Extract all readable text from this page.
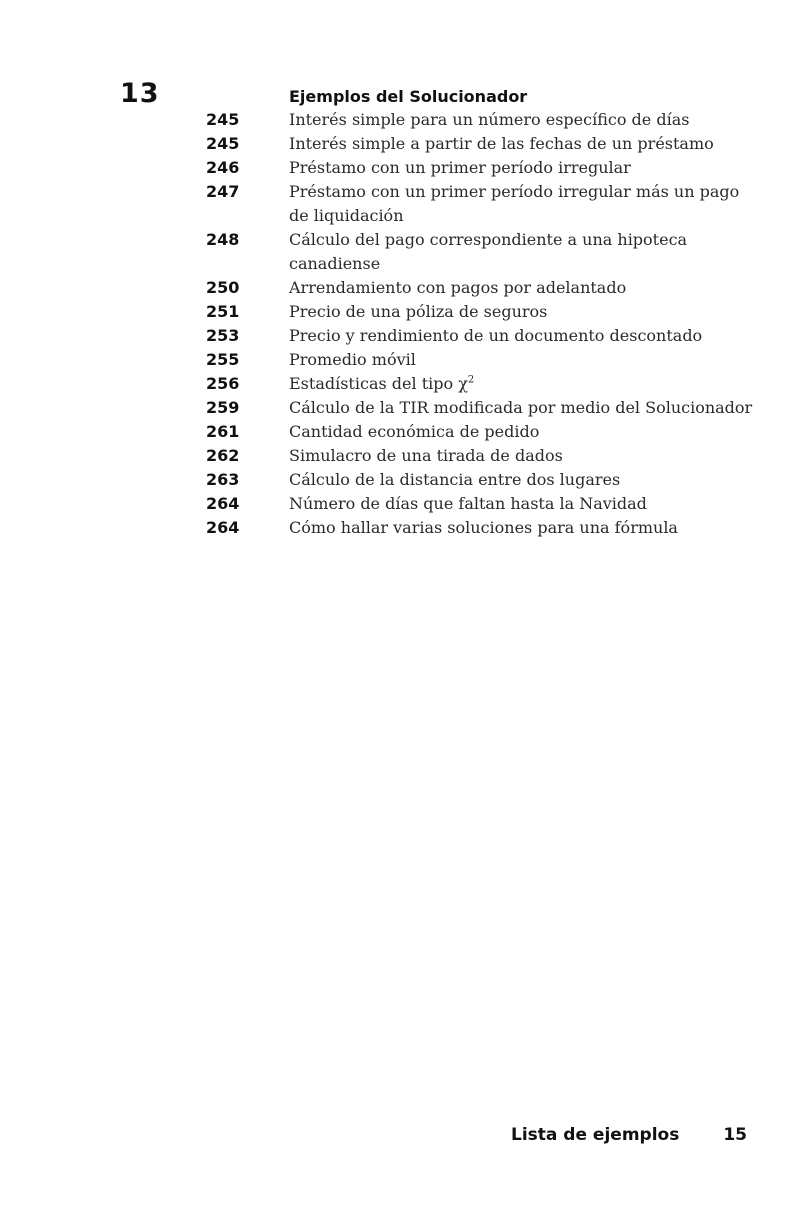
13	Ejemplos del Solucionador
245	Interés simple para un número específico de días
245	Interés simple a partir de las fechas de un préstamo
246	Préstamo con un primer período irregular
247	Préstamo con un primer período irregular más un pago de liquidación
248	Cálculo del pago correspondiente a una hipoteca canadiense
250	Arrendamiento con pagos por adelantado
251	Precio de una póliza de seguros
253	Precio y rendimiento de un documento descontado
255	Promedio móvil
256	Estadísticas del tipo $\chi^2$
259	Cálculo de la TIR modificada por medio del Solucionador
261	Cantidad económica de pedido
262	Simulacro de una tirada de dados
263	Cálculo de la distancia entre dos lugares
264	Número de días que faltan hasta la Navidad
264	Cómo hallar varias soluciones para una fórmula
Lista de ejemplos	15
